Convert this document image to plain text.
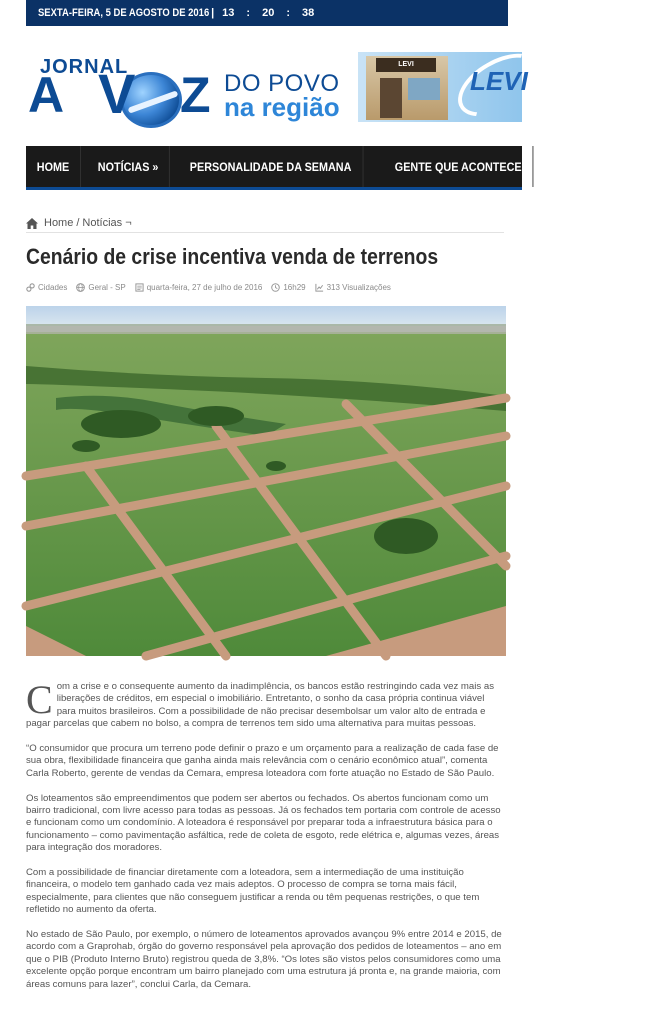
SEXTA-FEIRA, 5 DE AGOSTO DE 2016 | 13 : 20 : 38
JORNAL
A V Z DO POVO
na região
LEVI
LEVI
HOME	NOTÍCIAS »	PERSONALIDADE DA SEMANA	GENTE QUE ACONTECE	CLASSIFICADOS »
Home / Notícias ¬
Cenário de crise incentiva venda de terrenos
Cidades	Geral - SP	quarta-feira, 27 de julho de 2016	16h29	313 Visualizações

C om a crise e o consequente aumento da inadimplência, os bancos estão restringindo cada vez mais as liberações de créditos, em especial o imobiliário. Entretanto, o sonho da casa própria continua viável para muitos brasileiros. Com a possibilidade de não precisar desembolsar um valor alto de entrada e pagar parcelas que cabem no bolso, a compra de terrenos tem sido uma alternativa para muitas pessoas.

“O consumidor que procura um terreno pode definir o prazo e um orçamento para a realização de cada fase de sua obra, flexibilidade financeira que ganha ainda mais relevância com o cenário econômico atual”, comenta Carla Roberto, gerente de vendas da Cemara, empresa loteadora com forte atuação no Estado de São Paulo.

Os loteamentos são empreendimentos que podem ser abertos ou fechados. Os abertos funcionam como um bairro tradicional, com livre acesso para todas as pessoas. Já os fechados tem portaria com controle de acesso e funcionam como um condomínio. A loteadora é responsável por preparar toda a infraestrutura básica para o funcionamento – como pavimentação asfáltica, rede de coleta de esgoto, rede elétrica e, algumas vezes, áreas para integração dos moradores.

Com a possibilidade de financiar diretamente com a loteadora, sem a intermediação de uma instituição financeira, o modelo tem ganhado cada vez mais adeptos. O processo de compra se torna mais fácil, especialmente, para clientes que não conseguem justificar a renda ou têm pequenas restrições, o que tem refletido no aumento da oferta.

No estado de São Paulo, por exemplo, o número de loteamentos aprovados avançou 9% entre 2014 e 2015, de acordo com a Graprohab, órgão do governo responsável pela aprovação dos pedidos de loteamentos – ano em que o PIB (Produto Interno Bruto) registrou queda de 3,8%. “Os lotes são vistos pelos consumidores como uma excelente opção porque encontram um bairro planejado com uma estrutura já pronta e, na grande maioria, com áreas comuns para lazer”, conclui Carla, da Cemara.
